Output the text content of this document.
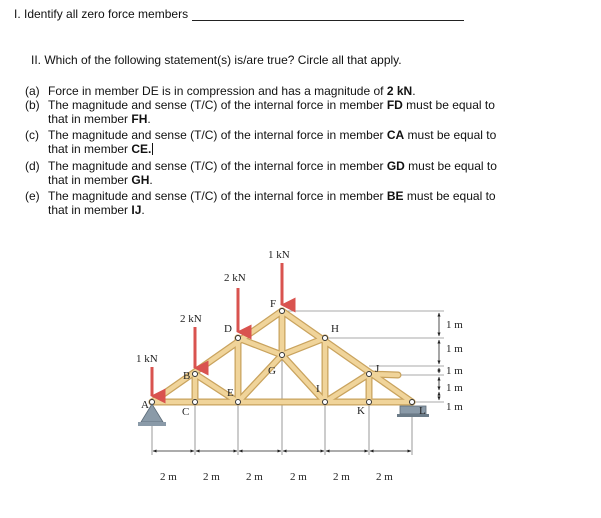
I. Identify all zero force members
II. Which of the following statement(s) is/are true? Circle all that apply.
(a) Force in member DE is in compression and has a magnitude of 2 kN.
(b) The magnitude and sense (T/C) of the internal force in member FD must be equal to
that in member FH.
(c) The magnitude and sense (T/C) of the internal force in member CA must be equal to
that in member CE.
(d) The magnitude and sense (T/C) of the internal force in member GD must be equal to
that in member GH.
(e) The magnitude and sense (T/C) of the internal force in member BE must be equal to
that in member IJ.
1 kN
2 kN
2 kN
1 kN
A
B
C
D
E
F
G
H
I
J
K	L
1 m
1 m
1 m
1 m
1 m
2 m 2 m 2 m 2 m 2 m 2 m
